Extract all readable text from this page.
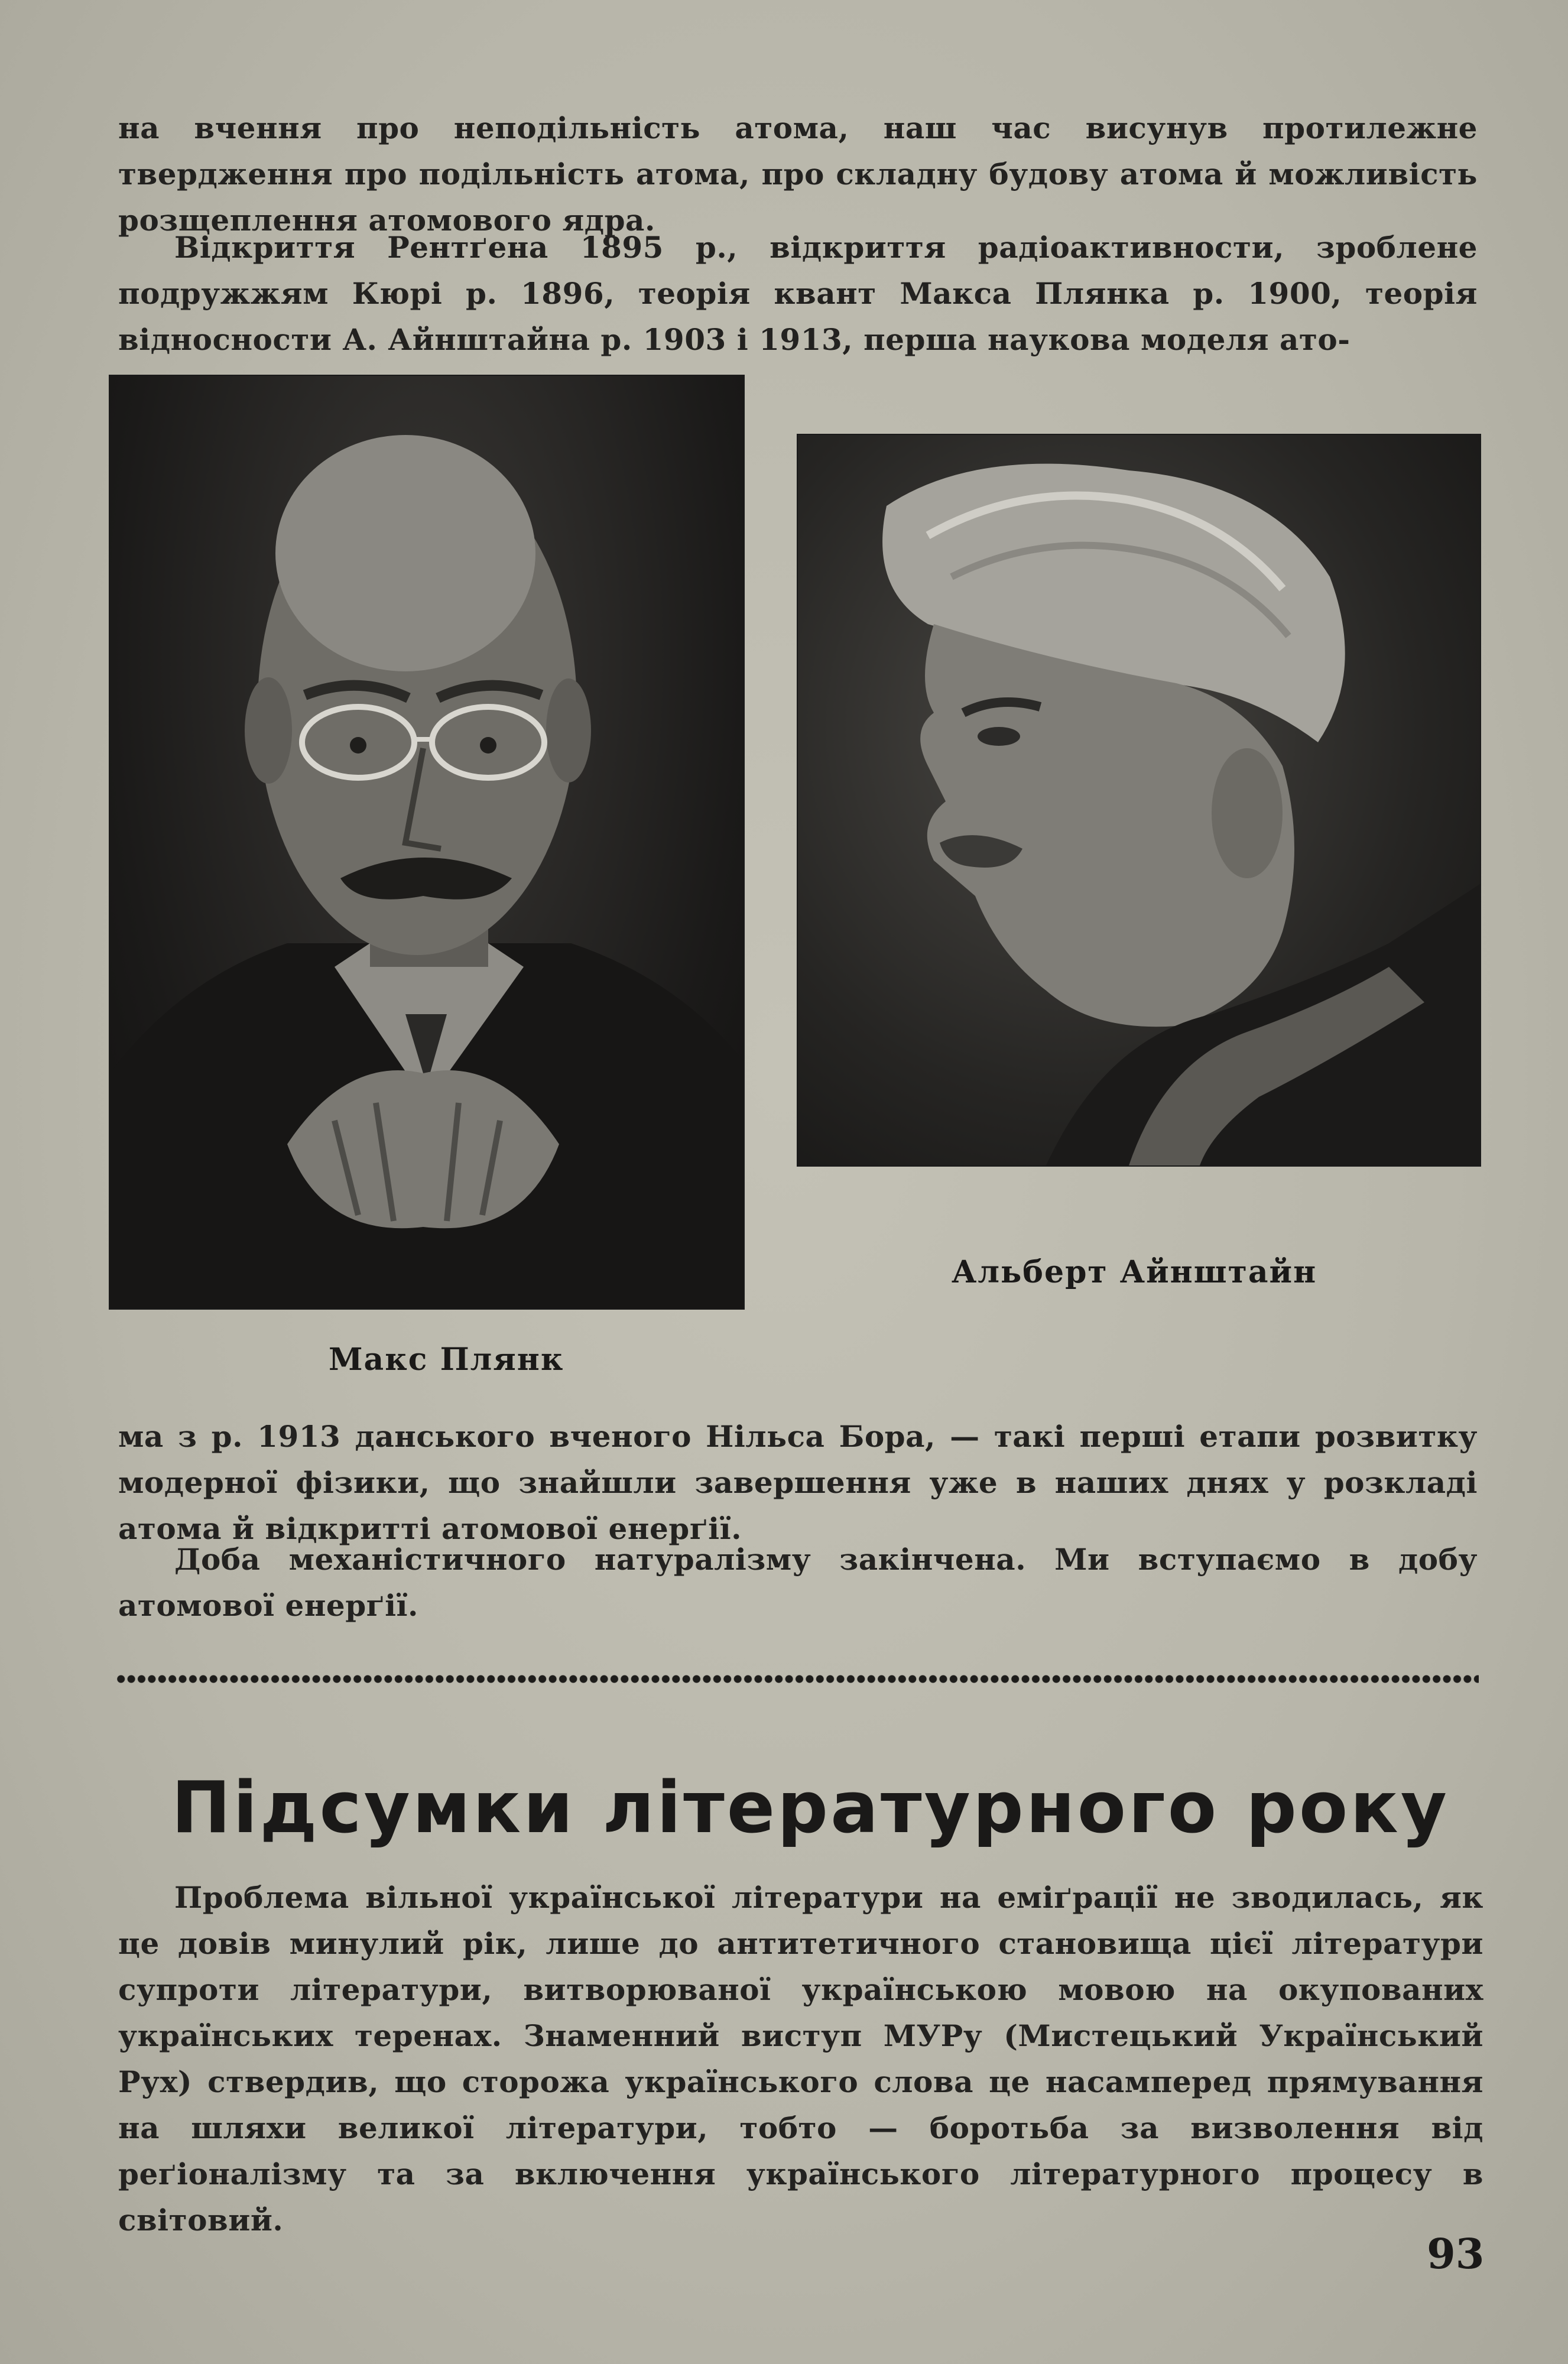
на вчення про неподільність атома, наш час висунув протилежне твердження про подільність атома, про складну будову атома й можливість розщеплення атомового ядра.

Відкриття Рентґена 1895 р., відкриття радіоактивности, зроблене подружжям Кюрі р. 1896, теорія квант Макса Плянка р. 1900, теорія відносности А. Айнштайна р. 1903 і 1913, перша наукова моделя ато-

Макс Плянк

Альберт Айнштайн

ма з р. 1913 данського вченого Нільса Бора, — такі перші етапи розвитку модерної фізики, що знайшли завершення уже в наших днях у розкладі атома й відкритті атомової енерґії.

Доба механістичного натуралізму закінчена. Ми вступаємо в добу атомової енерґії.

Підсумки літературного року

Проблема вільної української літератури на еміґрації не зводилась, як це довів минулий рік, лише до антитетичного становища цієї літератури супроти літератури, витворюваної українською мовою на окупованих українських теренах. Знаменний виступ МУРу (Мистецький Український Рух) ствердив, що сторожа українського слова це насамперед прямування на шляхи великої літератури, тобто — боротьба за визволення від реґіоналізму та за включення українського літературного процесу в світовий.

93
